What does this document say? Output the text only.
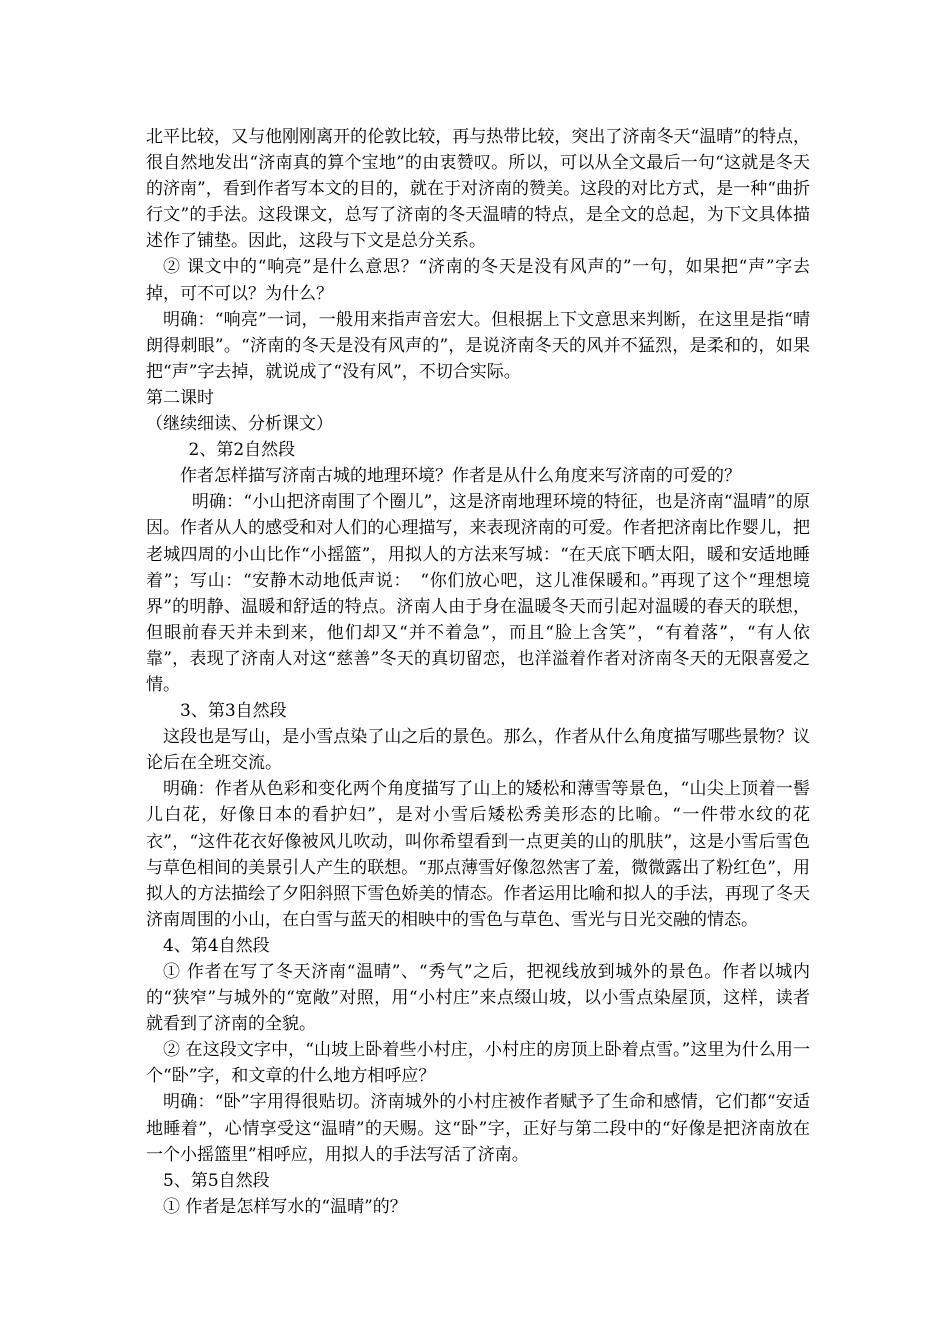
北平比较，又与他刚刚离开的伦敦比较，再与热带比较，突出了济南冬天“温晴”的特点，很自然地发出“济南真的算个宝地”的由衷赞叹。所以，可以从全文最后一句“这就是冬天的济南”，看到作者写本文的目的，就在于对济南的赞美。这段的对比方式，是一种“曲折行文”的手法。这段课文，总写了济南的冬天温晴的特点，是全文的总起，为下文具体描述作了铺垫。因此，这段与下文是总分关系。

② 课文中的“响亮”是什么意思？“济南的冬天是没有风声的”一句，如果把“声”字去掉，可不可以？为什么？

明确：“响亮”一词，一般用来指声音宏大。但根据上下文意思来判断，在这里是指“晴朗得刺眼”。“济南的冬天是没有风声的”，是说济南冬天的风并不猛烈，是柔和的，如果把“声”字去掉，就说成了“没有风”，不切合实际。

第二课时

（继续细读、分析课文）

2、第2自然段

作者怎样描写济南古城的地理环境？作者是从什么角度来写济南的可爱的？

明确：“小山把济南围了个圈儿”，这是济南地理环境的特征，也是济南“温晴”的原因。作者从人的感受和对人们的心理描写，来表现济南的可爱。作者把济南比作婴儿，把老城四周的小山比作“小摇篮”，用拟人的方法来写城：“在天底下晒太阳，暖和安适地睡着”；写山：“安静木动地低声说：　“你们放心吧，这儿准保暖和。”再现了这个“理想境界”的明静、温暖和舒适的特点。济南人由于身在温暖冬天而引起对温暖的春天的联想，但眼前春天并未到来，他们却又“并不着急”，而且“脸上含笑”，“有着落”，“有人依靠”，表现了济南人对这“慈善”冬天的真切留恋，也洋溢着作者对济南冬天的无限喜爱之情。

3、第3自然段

这段也是写山，是小雪点染了山之后的景色。那么，作者从什么角度描写哪些景物？议论后在全班交流。

明确：作者从色彩和变化两个角度描写了山上的矮松和薄雪等景色，“山尖上顶着一髻儿白花，好像日本的看护妇”，是对小雪后矮松秀美形态的比喻。“一件带水纹的花衣”，“这件花衣好像被风儿吹动，叫你希望看到一点更美的山的肌肤”，这是小雪后雪色与草色相间的美景引人产生的联想。“那点薄雪好像忽然害了羞，微微露出了粉红色”，用拟人的方法描绘了夕阳斜照下雪色娇美的情态。作者运用比喻和拟人的手法，再现了冬天济南周围的小山，在白雪与蓝天的相映中的雪色与草色、雪光与日光交融的情态。

4、第4自然段

① 作者在写了冬天济南“温晴”、“秀气”之后，把视线放到城外的景色。作者以城内的“狭窄”与城外的“宽敞”对照，用“小村庄”来点缀山坡，以小雪点染屋顶，这样，读者就看到了济南的全貌。

② 在这段文字中，“山坡上卧着些小村庄，小村庄的房顶上卧着点雪。”这里为什么用一个“卧”字，和文章的什么地方相呼应？

明确：“卧”字用得很贴切。济南城外的小村庄被作者赋予了生命和感情，它们都“安适地睡着”，心情享受这“温晴”的天赐。这“卧”字，正好与第二段中的“好像是把济南放在一个小摇篮里”相呼应，用拟人的手法写活了济南。

5、第5自然段

① 作者是怎样写水的“温晴”的？
